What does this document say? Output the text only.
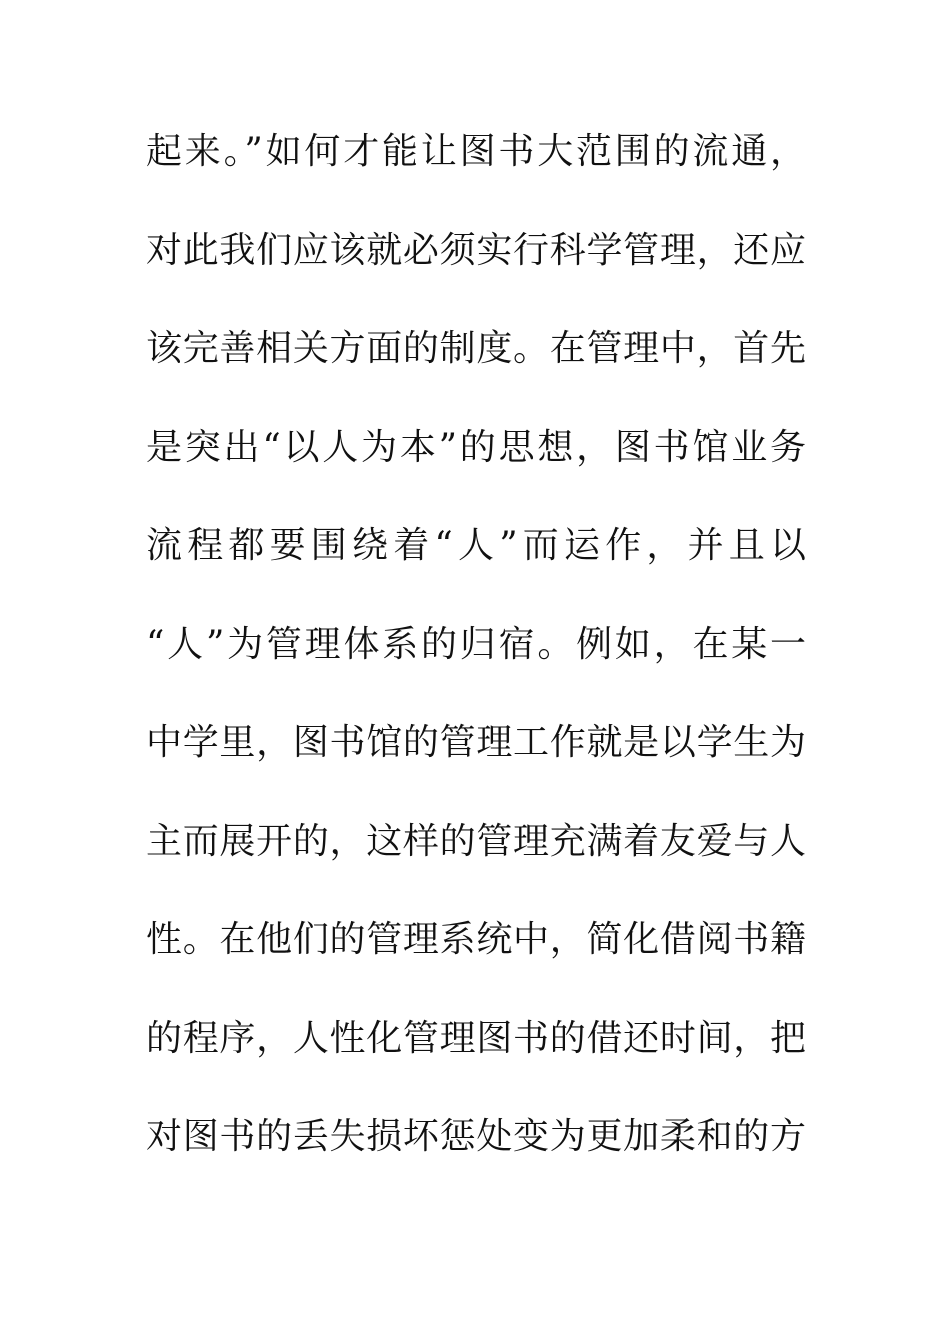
起来。”如何才能让图书大范围的流通，
对此我们应该就必须实行科学管理，还应
该完善相关方面的制度。在管理中，首先
是突出“以人为本”的思想，图书馆业务
流程都要围绕着“人”而运作，并且以
“人”为管理体系的归宿。例如，在某一
中学里，图书馆的管理工作就是以学生为
主而展开的，这样的管理充满着友爱与人
性。在他们的管理系统中，简化借阅书籍
的程序，人性化管理图书的借还时间，把
对图书的丢失损坏惩处变为更加柔和的方
